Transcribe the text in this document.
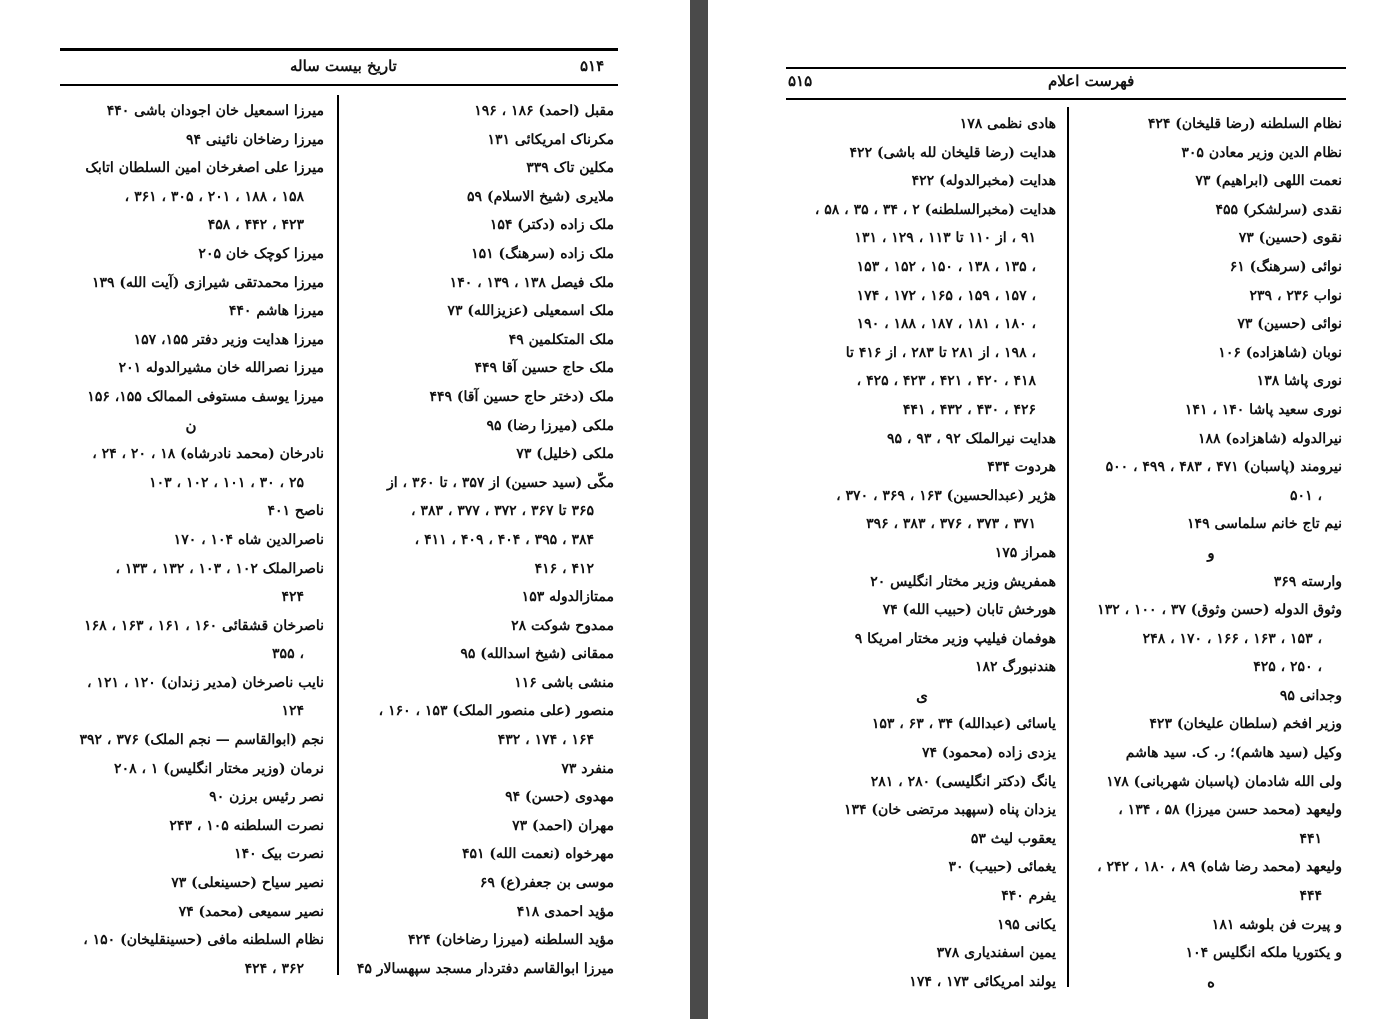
۵۱۴
تاریخ بیست ساله
مقبل (احمد) ۱۸۶ ، ۱۹۶
مکرناک امریکائی ۱۳۱
مکلین تاک ۳۳۹
ملایری (شیخ الاسلام) ۵۹
ملک زاده (دکتر) ۱۵۴
ملک زاده (سرهنگ) ۱۵۱
ملک فیصل ۱۳۸ ، ۱۳۹ ، ۱۴۰
ملک اسمعیلی (عزیزالله) ۷۳
ملک المتکلمین ۴۹
ملک حاج حسین آقا ۴۴۹
ملک (دختر حاج حسین آقا) ۴۴۹
ملکی (میرزا رضا) ۹۵
ملکی (خلیل) ۷۳
مکّی (سید حسین) از ۳۵۷ ، تا ۳۶۰ ، از
۳۶۵ تا ۳۶۷ ، ۳۷۲ ، ۳۷۷ ، ۳۸۳ ،
۳۸۴ ، ۳۹۵ ، ۴۰۴ ، ۴۰۹ ، ۴۱۱ ،
۴۱۲ ، ۴۱۶
ممتازالدوله ۱۵۳
ممدوح شوکت ۲۸
ممقانی (شیخ اسدالله) ۹۵
منشی باشی ۱۱۶
منصور (علی منصور الملک) ۱۵۳ ، ۱۶۰ ،
۱۶۴ ، ۱۷۴ ، ۴۳۲
منفرد ۷۳
مهدوی (حسن) ۹۴
مهران (احمد) ۷۳
مهرخواه (نعمت الله) ۴۵۱
موسی بن جعفر(ع) ۶۹
مؤید احمدی ۴۱۸
مؤید السلطنه (میرزا رضاخان) ۴۲۴
میرزا ابوالقاسم دفتردار مسجد سپهسالار ۴۵
میرزا اسمعیل خان اجودان باشی ۴۴۰
میرزا رضاخان نائینی ۹۴
میرزا علی اصغرخان امین السلطان اتابک
۱۵۸ ، ۱۸۸ ، ۲۰۱ ، ۳۰۵ ، ۳۶۱ ،
۴۲۳ ، ۴۴۲ ، ۴۵۸
میرزا کوچک خان ۲۰۵
میرزا محمدتقی شیرازی (آیت الله) ۱۳۹
میرزا هاشم ۴۴۰
میرزا هدایت وزیر دفتر ۱۵۵، ۱۵۷
میرزا نصرالله خان مشیرالدوله ۲۰۱
میرزا یوسف مستوفی الممالک ۱۵۵، ۱۵۶
ن
نادرخان (محمد نادرشاه) ۱۸ ، ۲۰ ، ۲۴ ،
۲۵ ، ۳۰ ، ۱۰۱ ، ۱۰۲ ، ۱۰۳
ناصح ۴۰۱
ناصرالدین شاه ۱۰۴ ، ۱۷۰
ناصرالملک ۱۰۲ ، ۱۰۳ ، ۱۳۲ ، ۱۳۳ ،
۴۲۴
ناصرخان قشقائی ۱۶۰ ، ۱۶۱ ، ۱۶۳ ، ۱۶۸
، ۳۵۵
نایب ناصرخان (مدیر زندان) ۱۲۰ ، ۱۲۱ ،
۱۲۴
نجم (ابوالقاسم — نجم الملک) ۳۷۶ ، ۳۹۲
نرمان (وزیر مختار انگلیس) ۱ ، ۲۰۸
نصر رئیس برزن ۹۰
نصرت السلطنه ۱۰۵ ، ۲۴۳
نصرت بیک ۱۴۰
نصیر سیاح (حسینعلی) ۷۳
نصیر سمیعی (محمد) ۷۴
نظام السلطنه مافی (حسینقلیخان) ۱۵۰ ،
۳۶۲ ، ۴۲۴
فهرست اعلام
۵۱۵
نظام السلطنه (رضا قلیخان) ۴۲۴
نظام الدین وزیر معادن ۳۰۵
نعمت اللهی (ابراهیم) ۷۳
نقدی (سرلشکر) ۴۵۵
نقوی (حسین) ۷۳
نوائی (سرهنگ) ۶۱
نواب ۲۳۶ ، ۲۳۹
نوائی (حسین) ۷۳
نوبان (شاهزاده) ۱۰۶
نوری پاشا ۱۳۸
نوری سعید پاشا ۱۴۰ ، ۱۴۱
نیرالدوله (شاهزاده) ۱۸۸
نیرومند (پاسبان) ۴۷۱ ، ۴۸۳ ، ۴۹۹ ، ۵۰۰
، ۵۰۱
نیم تاج خانم سلماسی ۱۴۹
و
وارسته ۳۶۹
وثوق الدوله (حسن وثوق) ۳۷ ، ۱۰۰ ، ۱۳۲
، ۱۵۳ ، ۱۶۳ ، ۱۶۶ ، ۱۷۰ ، ۲۴۸
، ۲۵۰ ، ۴۲۵
وجدانی ۹۵
وزیر افخم (سلطان علیخان) ۴۲۳
وکیل (سید هاشم)؛ ر. ک. سید هاشم
ولی الله شادمان (پاسبان شهربانی) ۱۷۸
ولیعهد (محمد حسن میرزا) ۵۸ ، ۱۳۴ ،
۴۴۱
ولیعهد (محمد رضا شاه) ۸۹ ، ۱۸۰ ، ۲۴۲ ،
۴۴۴
و پیرت فن بلوشه ۱۸۱
و یکتوریا ملکه انگلیس ۱۰۴
ه
هادی نظمی ۱۷۸
هدایت (رضا قلیخان لله باشی) ۴۲۲
هدایت (مخبرالدوله) ۴۲۲
هدایت (مخبرالسلطنه) ۲ ، ۳۴ ، ۳۵ ، ۵۸ ،
۹۱ ، از ۱۱۰ تا ۱۱۳ ، ۱۲۹ ، ۱۳۱
، ۱۳۵ ، ۱۳۸ ، ۱۵۰ ، ۱۵۲ ، ۱۵۳
، ۱۵۷ ، ۱۵۹ ، ۱۶۵ ، ۱۷۲ ، ۱۷۴
، ۱۸۰ ، ۱۸۱ ، ۱۸۷ ، ۱۸۸ ، ۱۹۰
، ۱۹۸ ، از ۲۸۱ تا ۲۸۳ ، از ۴۱۶ تا
۴۱۸ ، ۴۲۰ ، ۴۲۱ ، ۴۲۳ ، ۴۲۵ ،
۴۲۶ ، ۴۳۰ ، ۴۳۲ ، ۴۴۱
هدایت نیرالملک ۹۲ ، ۹۳ ، ۹۵
هردوت ۴۳۴
هژیر (عبدالحسین) ۱۶۳ ، ۳۶۹ ، ۳۷۰ ،
۳۷۱ ، ۳۷۳ ، ۳۷۶ ، ۳۸۳ ، ۳۹۶
همراز ۱۷۵
همفریش وزیر مختار انگلیس ۲۰
هورخش تابان (حبیب الله) ۷۴
هوفمان فیلیپ وزیر مختار امریکا ۹
هندنبورگ ۱۸۲
ی
یاسائی (عبدالله) ۳۴ ، ۶۳ ، ۱۵۳
یزدی زاده (محمود) ۷۴
یانگ (دکتر انگلیسی) ۲۸۰ ، ۲۸۱
یزدان پناه (سپهبد مرتضی خان) ۱۳۴
یعقوب لیث ۵۳
یغمائی (حبیب) ۳۰
یفرم ۴۴۰
یکانی ۱۹۵
یمین اسفندیاری ۳۷۸
یولند امریکائی ۱۷۳ ، ۱۷۴
